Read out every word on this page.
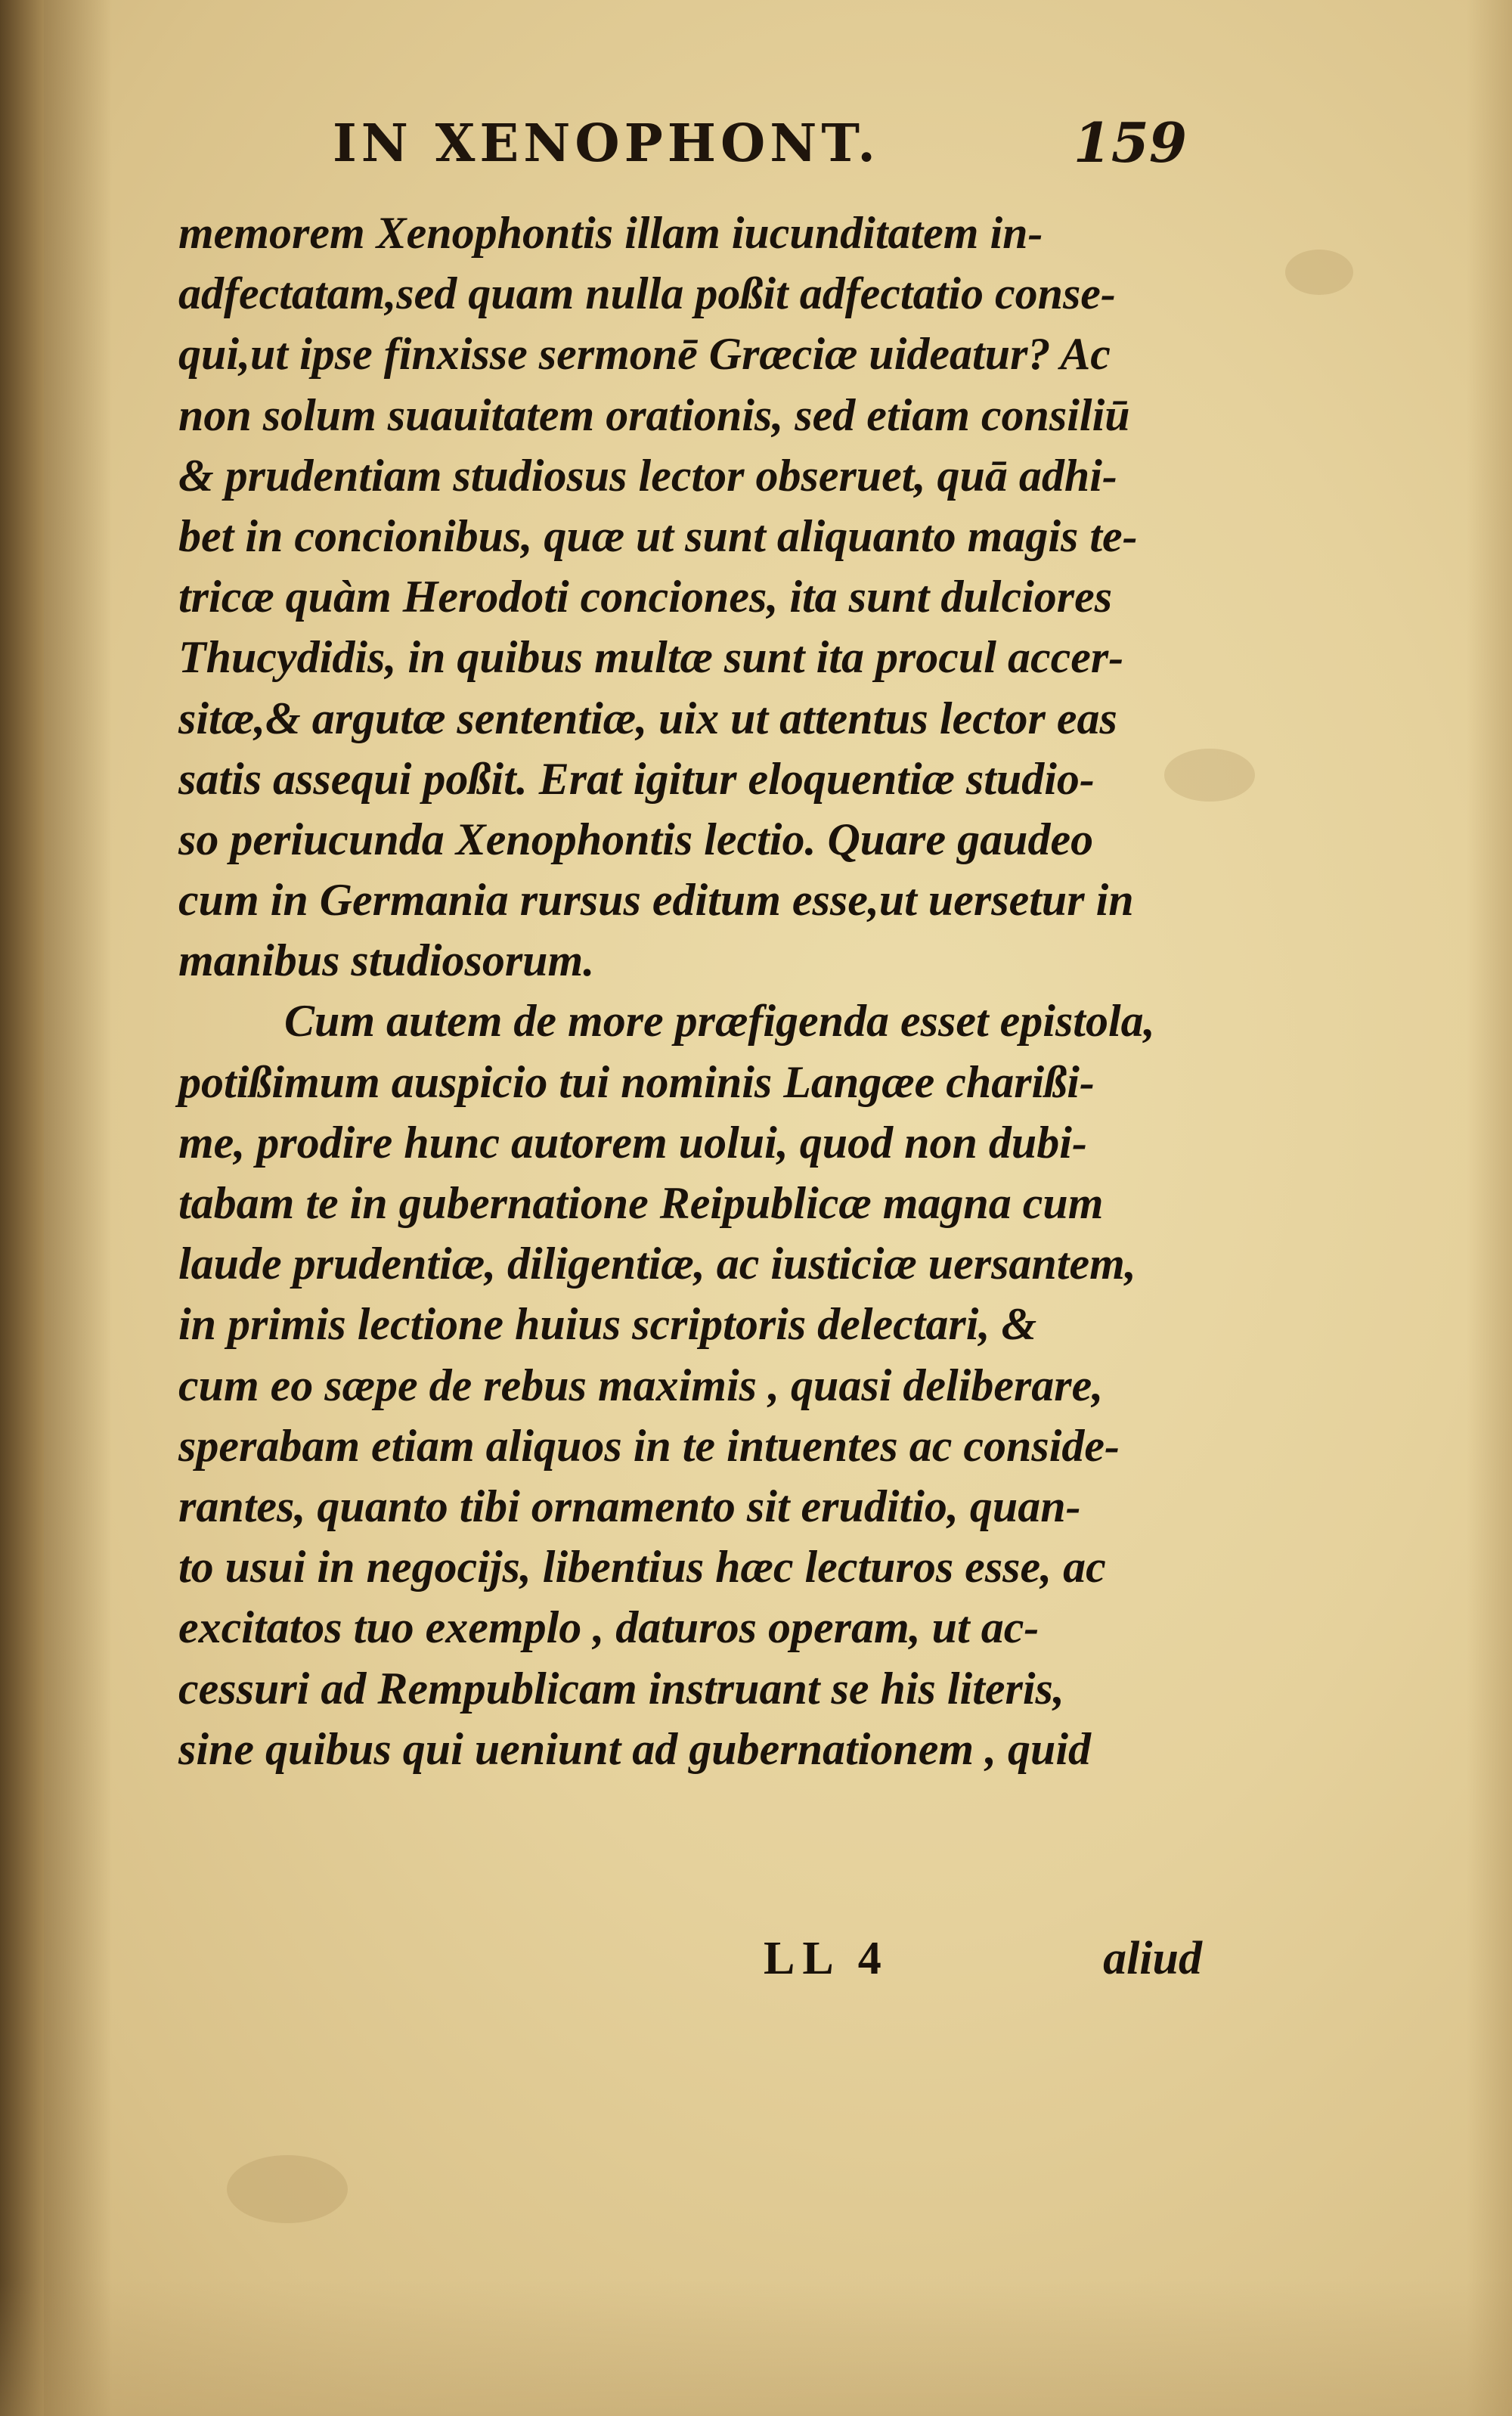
IN XENOPHONT.	159
memorem Xenophontis illam iucunditatem in-
adfectatam,sed quam nulla poßit adfectatio conse-
qui,ut ipse finxisse sermonē Græciæ uideatur? Ac
non solum suauitatem orationis, sed etiam consiliū
& prudentiam studiosus lector obseruet, quā adhi-
bet in concionibus, quæ ut sunt aliquanto magis te-
tricæ quàm Herodoti conciones, ita sunt dulciores
Thucydidis, in quibus multæ sunt ita procul accer-
sitæ,& argutæ sententiæ, uix ut attentus lector eas
satis assequi poßit. Erat igitur eloquentiæ studio-
so periucunda Xenophontis lectio. Quare gaudeo
cum in Germania rursus editum esse,ut uersetur in
manibus studiosorum.
Cum autem de more præfigenda esset epistola,
potißimum auspicio tui nominis Langæe charißi-
me, prodire hunc autorem uolui, quod non dubi-
tabam te in gubernatione Reipublicæ magna cum
laude prudentiæ, diligentiæ, ac iusticiæ uersantem,
in primis lectione huius scriptoris delectari, &
cum eo sæpe de rebus maximis , quasi deliberare,
sperabam etiam aliquos in te intuentes ac conside-
rantes, quanto tibi ornamento sit eruditio, quan-
to usui in negocijs, libentius hæc lecturos esse, ac
excitatos tuo exemplo , daturos operam, ut ac-
cessuri ad Rempublicam instruant se his literis,
sine quibus qui ueniunt ad gubernationem , quid
LL 4	aliud
